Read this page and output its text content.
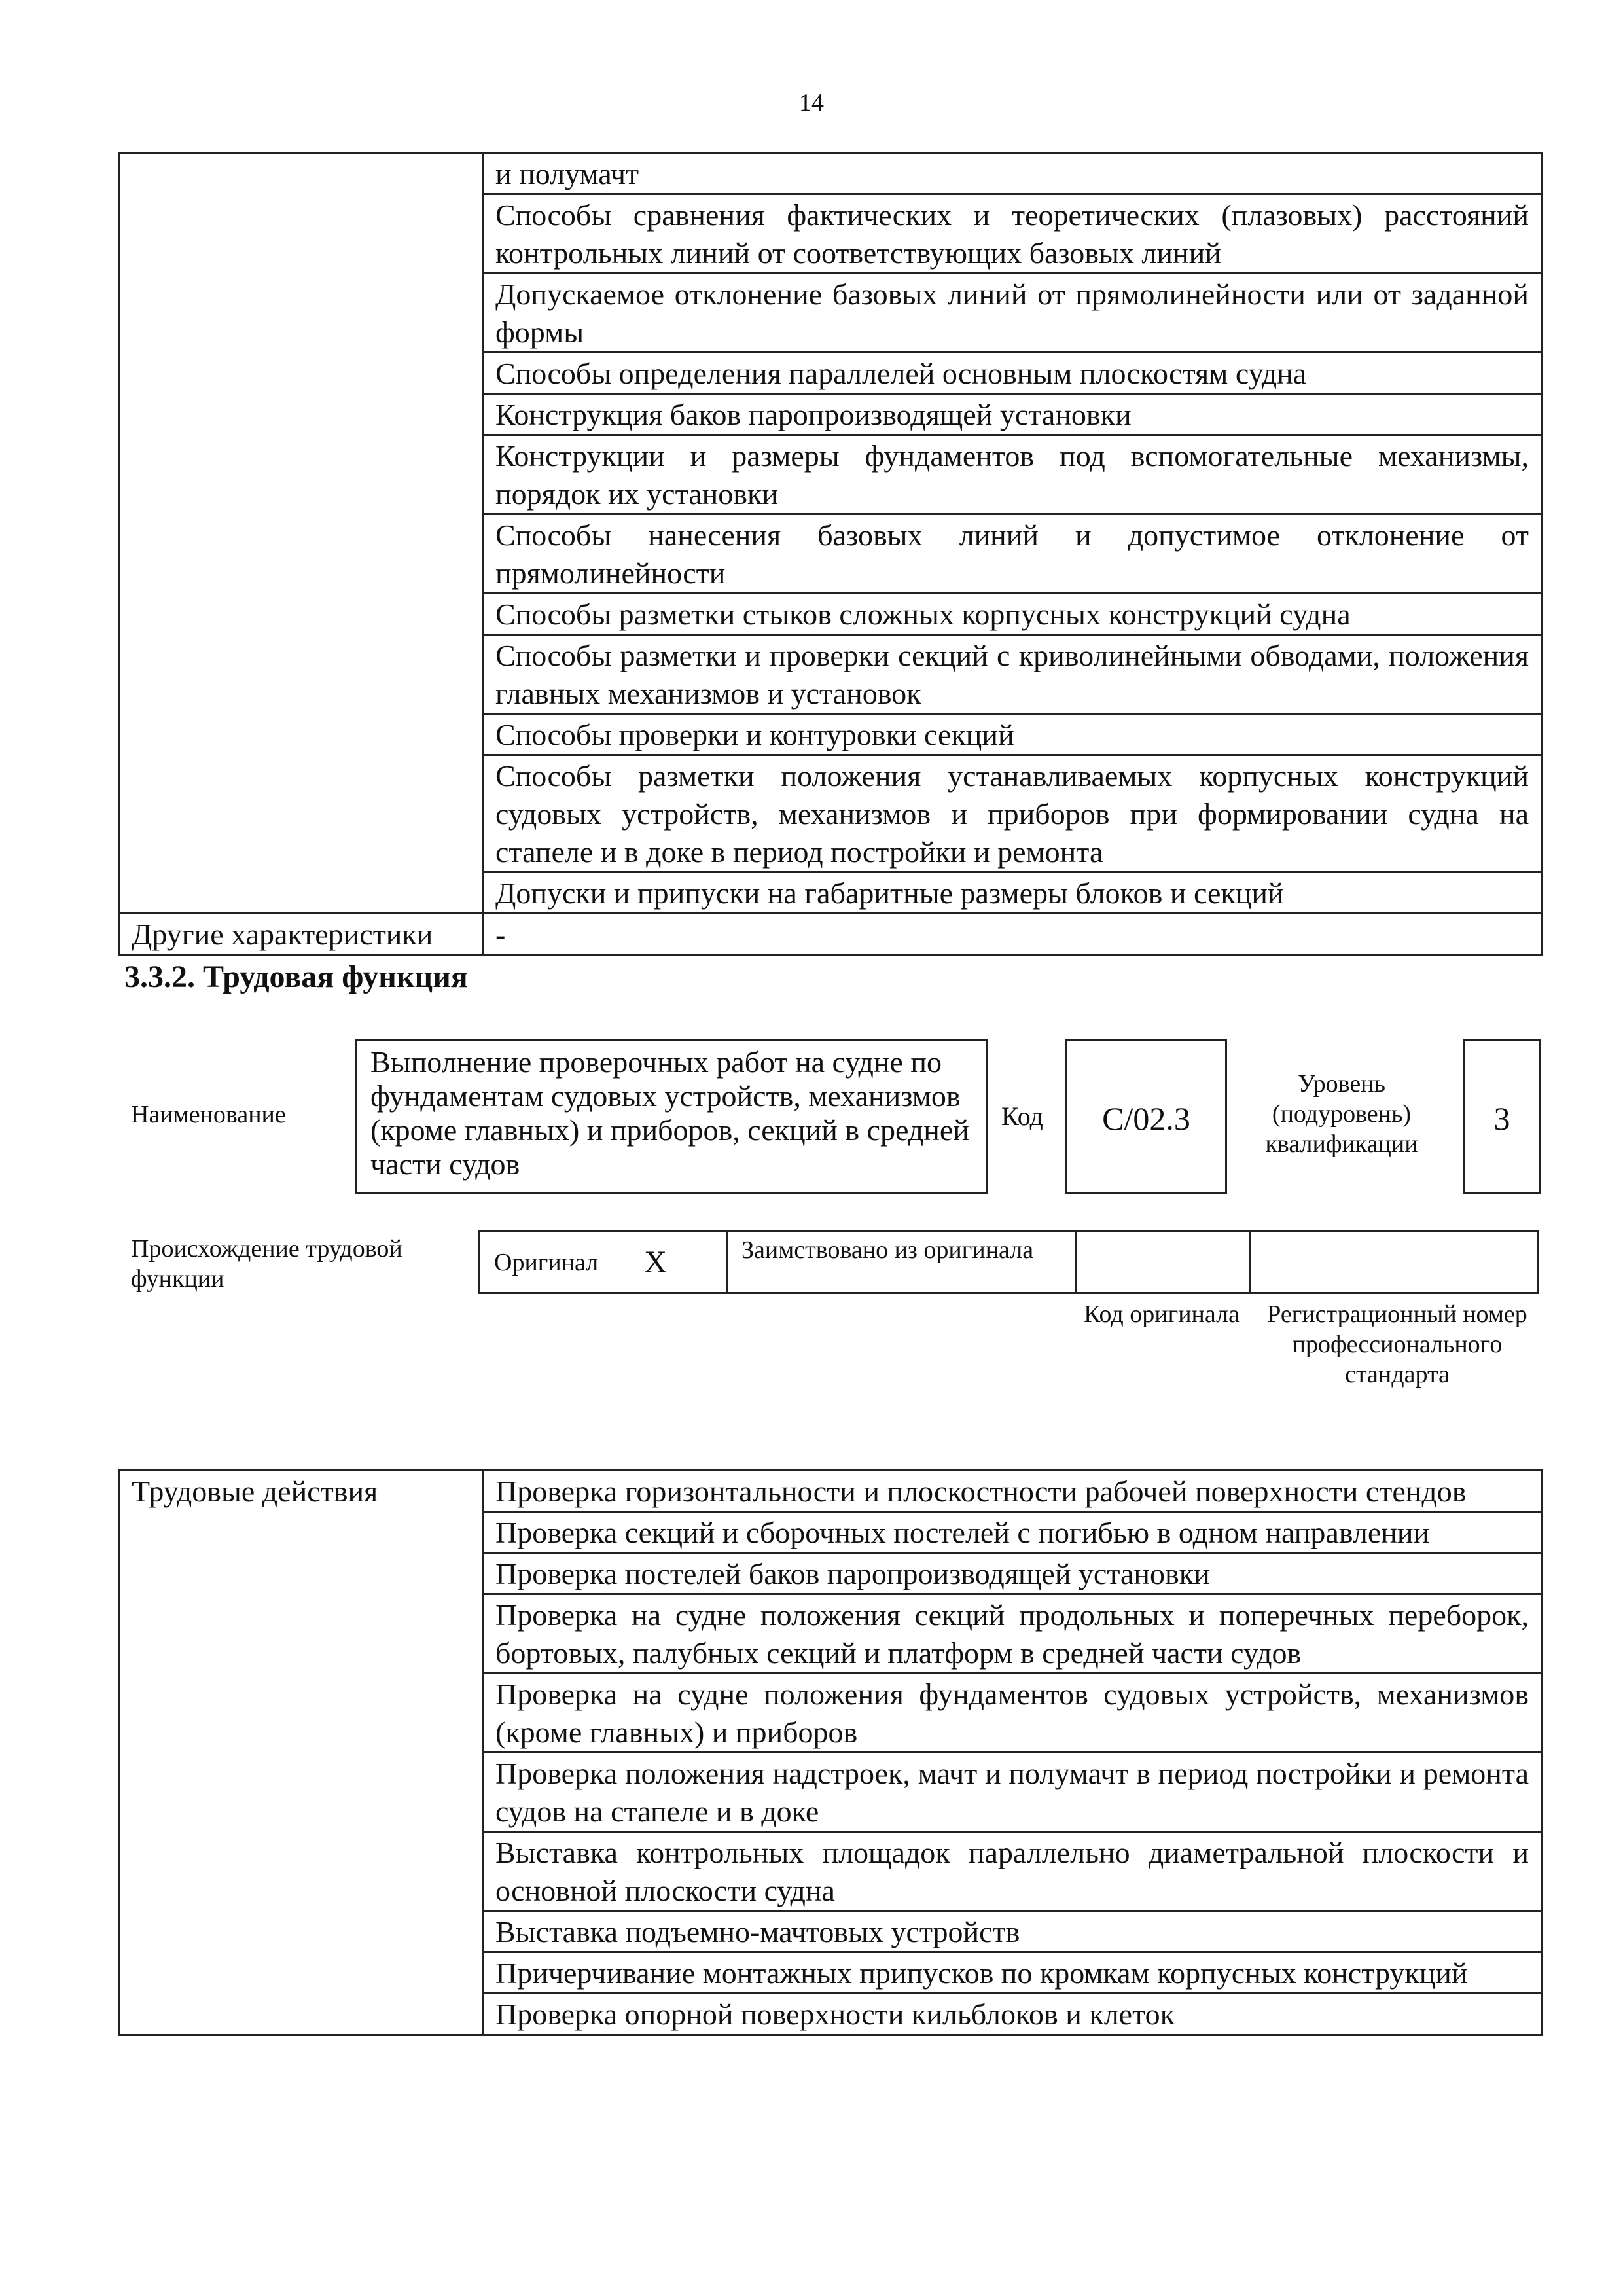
14
	и полумачт
	Способы сравнения фактических и теоретических (плазовых) расстояний контрольных линий от соответствующих базовых линий
	Допускаемое отклонение базовых линий от прямолинейности или от заданной формы
	Способы определения параллелей основным плоскостям судна
	Конструкция баков паропроизводящей установки
	Конструкции и размеры фундаментов под вспомогательные механизмы, порядок их установки
	Способы нанесения базовых линий и допустимое отклонение от прямолинейности
	Способы разметки стыков сложных корпусных конструкций судна
	Способы разметки и проверки секций с криволинейными обводами, положения главных механизмов и установок
	Способы проверки и контуровки секций
	Способы разметки положения устанавливаемых корпусных конструкций судовых устройств, механизмов и приборов при формировании судна на стапеле и в доке в период постройки и ремонта
	Допуски и припуски на габаритные размеры блоков и секций
Другие характеристики	-
3.3.2. Трудовая функция
Наименование
Выполнение проверочных работ на судне по фундаментам судовых устройств, механизмов (кроме главных) и приборов, секций в средней части судов
Код	C/02.3
Уровень (подуровень) квалификации
3
Происхождение трудовой функции
Оригинал X	Заимствовано из оригинала
Код оригинала	Регистрационный номер профессионального стандарта
Трудовые действия	Проверка горизонтальности и плоскостности рабочей поверхности стендов
Проверка секций и сборочных постелей с погибью в одном направлении
Проверка постелей баков паропроизводящей установки
Проверка на судне положения секций продольных и поперечных переборок, бортовых, палубных секций и платформ в средней части судов
Проверка на судне положения фундаментов судовых устройств, механизмов (кроме главных) и приборов
Проверка положения надстроек, мачт и полумачт в период постройки и ремонта судов на стапеле и в доке
Выставка контрольных площадок параллельно диаметральной плоскости и основной плоскости судна
Выставка подъемно-мачтовых устройств
Причерчивание монтажных припусков по кромкам корпусных конструкций
Проверка опорной поверхности кильблоков и клеток
